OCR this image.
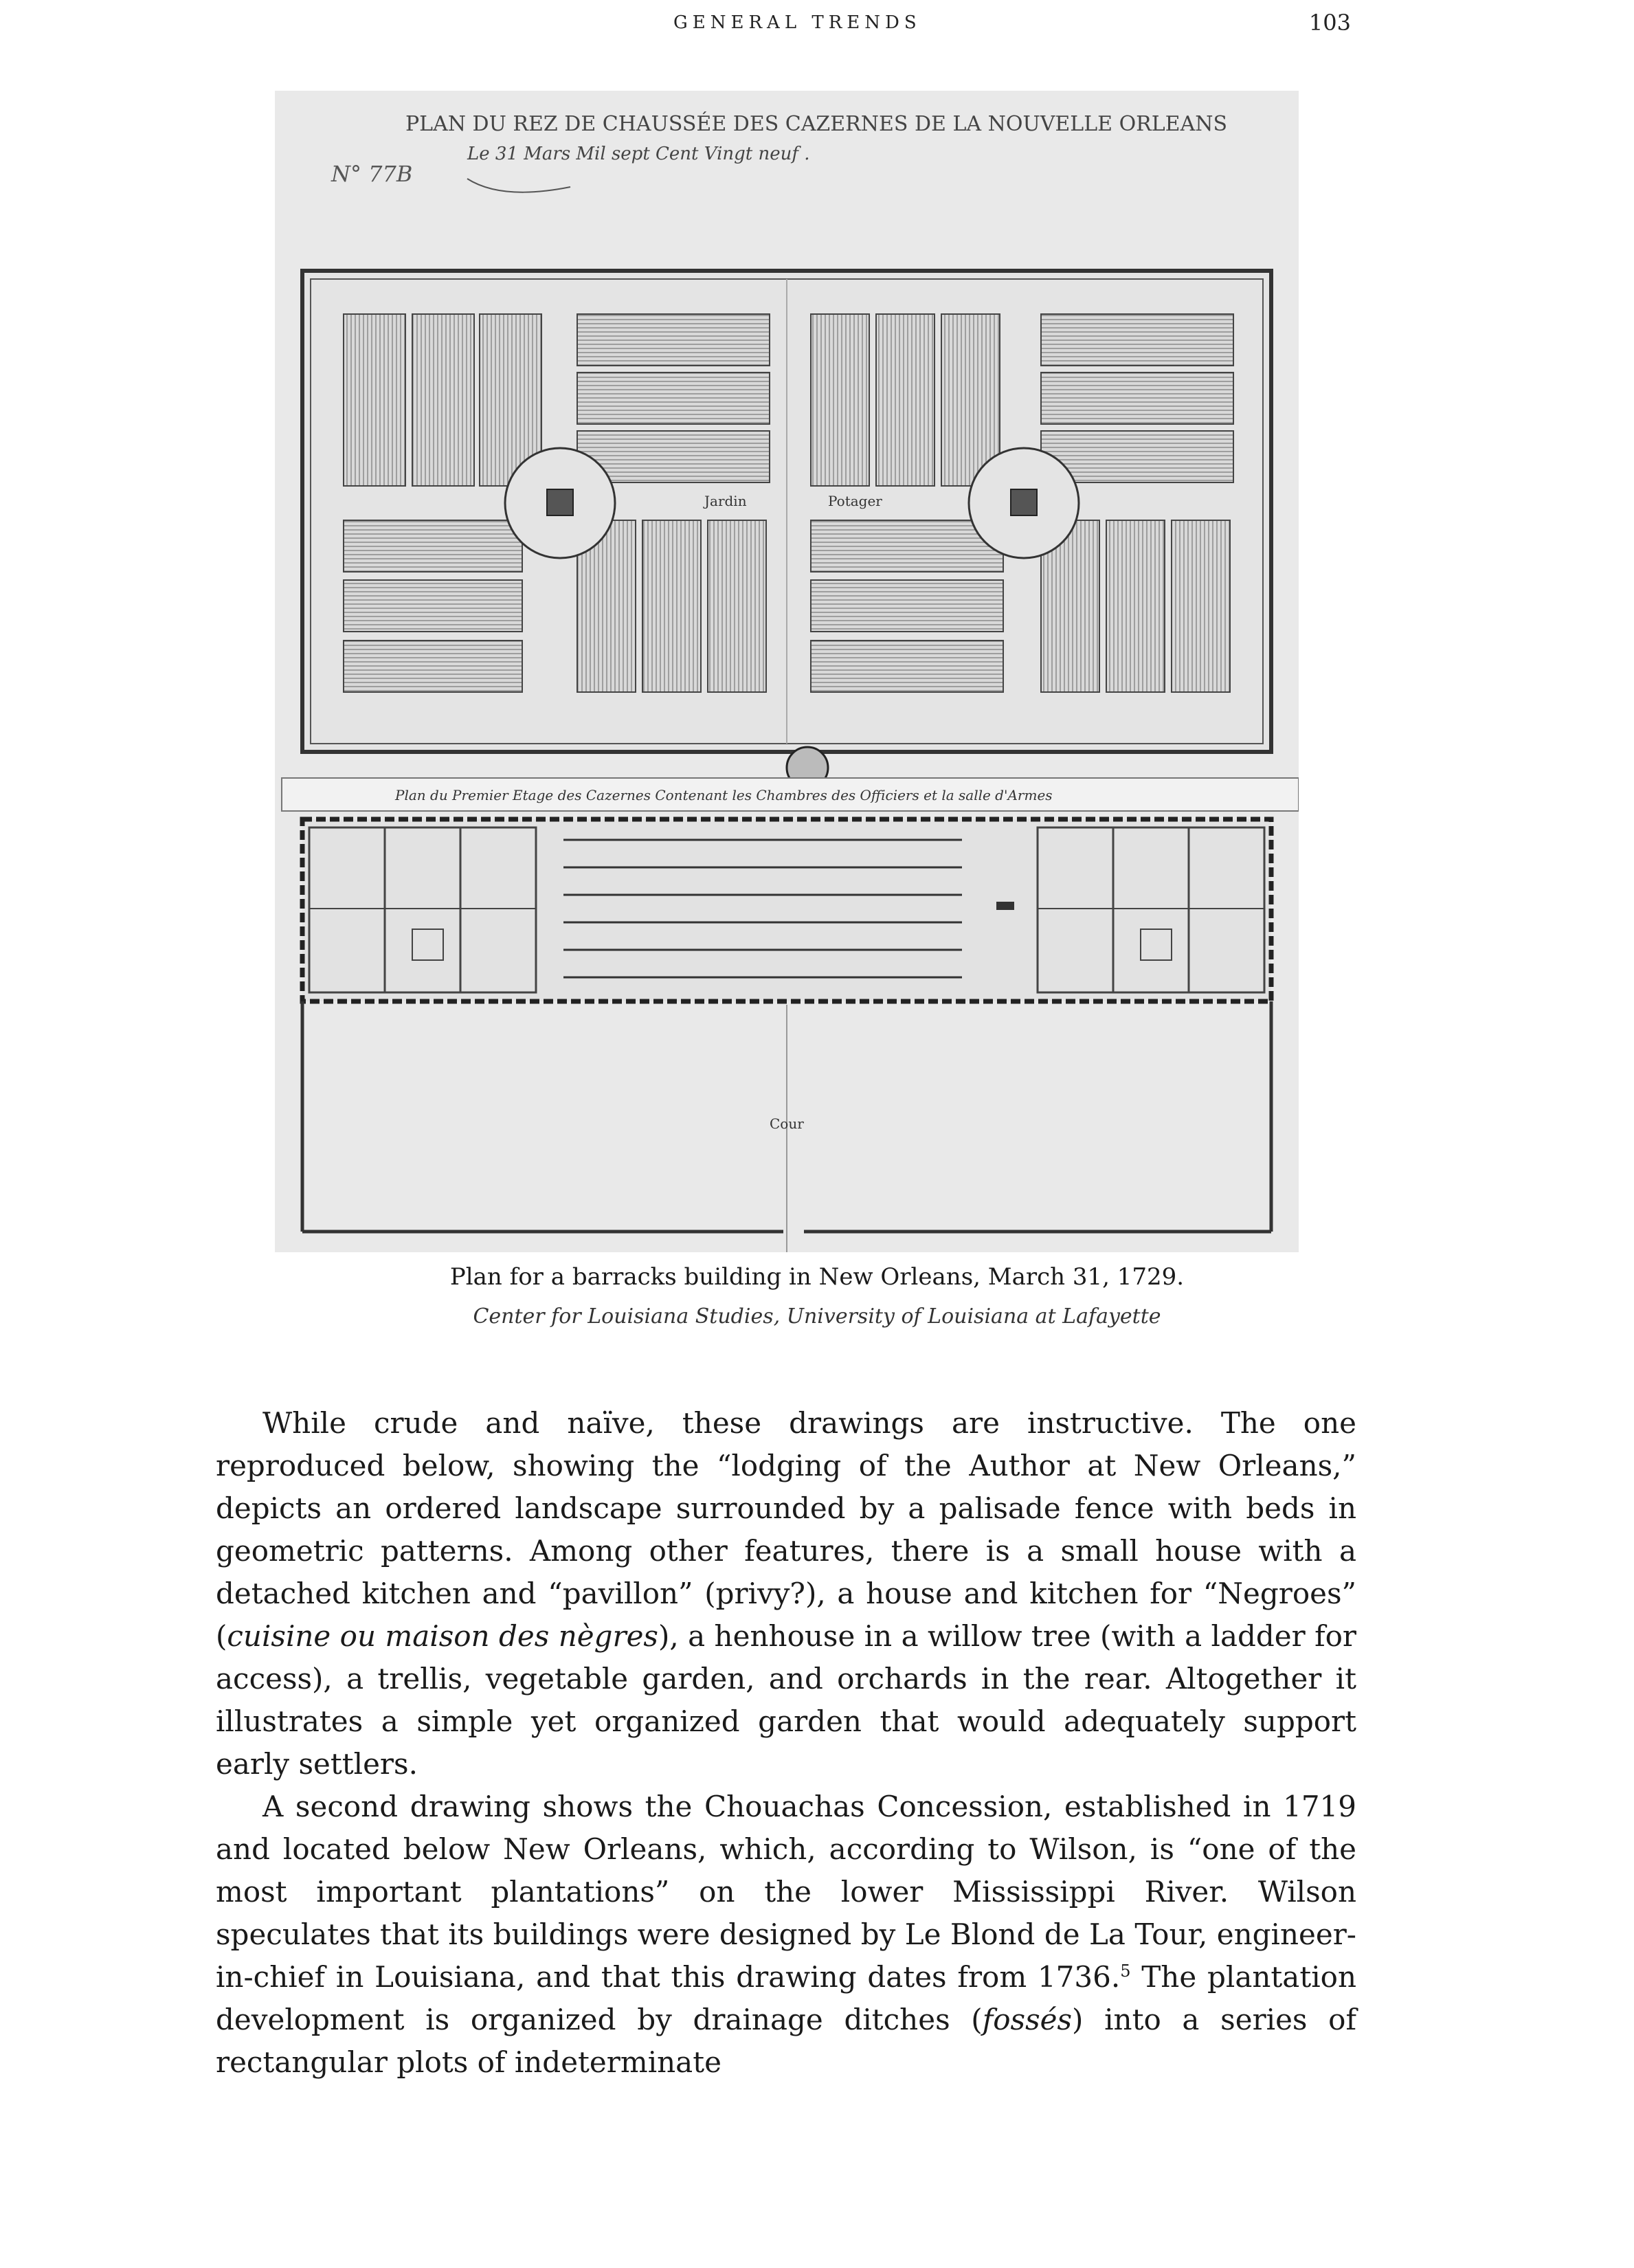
GENERAL TRENDS	103
PLAN DU REZ DE CHAUSSÉE DES CAZERNES DE LA NOUVELLE ORLEANS
Le 31 Mars Mil sept Cent Vingt neuf .
N° 77B
Jardin	Potager
Plan du Premier Etage des Cazernes Contenant les Chambres des Officiers et la salle d'Armes
Cour
Plan for a barracks building in New Orleans, March 31, 1729.
Center for Louisiana Studies, University of Louisiana at Lafayette

While crude and naïve, these drawings are instructive. The one reproduced below, showing the “lodging of the Author at New Orleans,” depicts an ordered landscape surrounded by a palisade fence with beds in geometric patterns. Among other features, there is a small house with a detached kitchen and “pavillon” (privy?), a house and kitchen for “Negroes” (cuisine ou maison des nègres), a henhouse in a willow tree (with a ladder for access), a trellis, vegetable garden, and orchards in the rear. Altogether it illustrates a simple yet organized garden that would adequately support early settlers.

A second drawing shows the Chouachas Concession, established in 1719 and located below New Orleans, which, according to Wilson, is “one of the most important plantations” on the lower Mississippi River. Wilson speculates that its buildings were designed by Le Blond de La Tour, engineer-in-chief in Louisiana, and that this drawing dates from 1736.$^5$ The plantation development is organized by drainage ditches (fossés) into a series of rectangular plots of indeterminate
